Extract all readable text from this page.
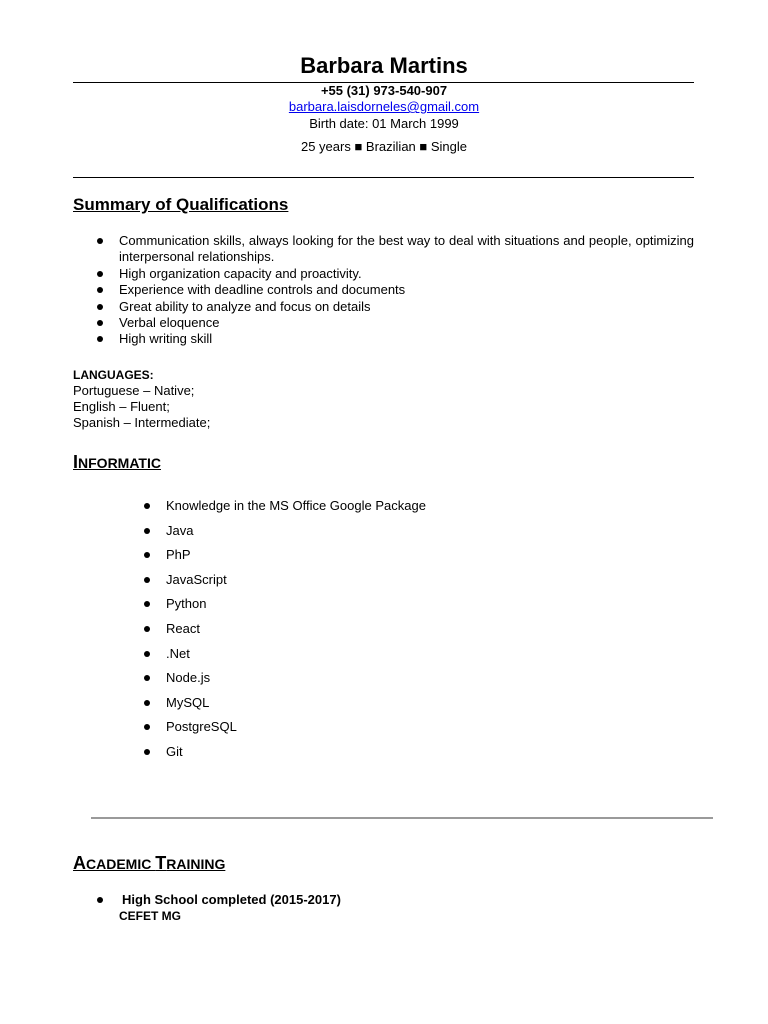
Barbara Martins
+55 (31) 973-540-907
barbara.laisdorneles@gmail.com
Birth date: 01 March 1999
25 years ■ Brazilian ■ Single
Summary of Qualifications
Communication skills, always looking for the best way to deal with situations and people, optimizing interpersonal relationships.
High organization capacity and proactivity.
Experience with deadline controls and documents
Great ability to analyze and focus on details
Verbal eloquence
High writing skill
LANGUAGES:
Portuguese – Native;
English – Fluent;
Spanish – Intermediate;
INFORMATIC
Knowledge in the MS Office Google Package
Java
PhP
JavaScript
Python
React
.Net
Node.js
MySQL
PostgreSQL
Git
ACADEMIC TRAINING
High School completed (2015-2017)
CEFET MG
